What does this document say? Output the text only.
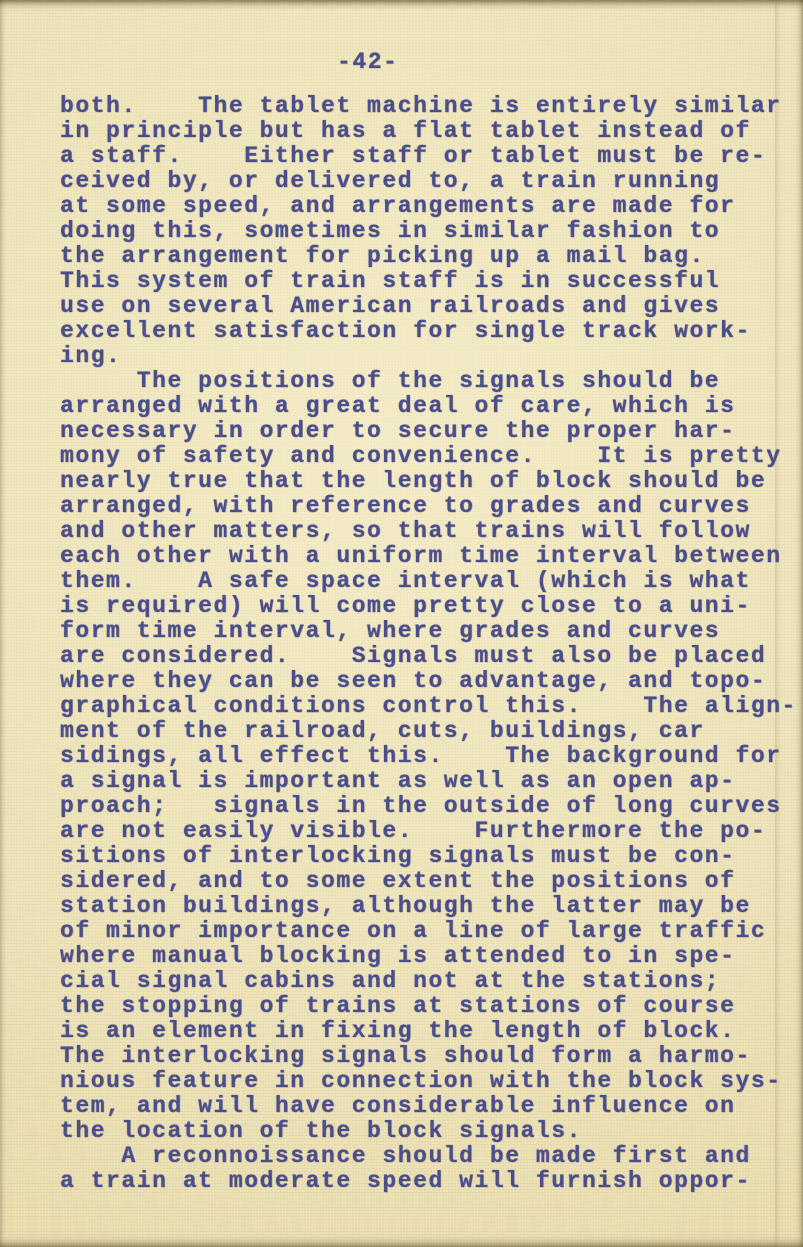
-42-
both.    The tablet machine is entirely similar
in principle but has a flat tablet instead of
a staff.    Either staff or tablet must be re-
ceived by, or delivered to, a train running
at some speed, and arrangements are made for
doing this, sometimes in similar fashion to
the arrangement for picking up a mail bag.
This system of train staff is in successful
use on several American railroads and gives
excellent satisfaction for single track work-
ing.
The positions of the signals should be
arranged with a great deal of care, which is
necessary in order to secure the proper har-
mony of safety and convenience.    It is pretty
nearly true that the length of block should be
arranged, with reference to grades and curves
and other matters, so that trains will follow
each other with a uniform time interval between
them.    A safe space interval (which is what
is required) will come pretty close to a uni-
form time interval, where grades and curves
are considered.    Signals must also be placed
where they can be seen to advantage, and topo-
graphical conditions control this.    The align-
ment of the railroad, cuts, buildings, car
sidings, all effect this.    The background for
a signal is important as well as an open ap-
proach;   signals in the outside of long curves
are not easily visible.    Furthermore the po-
sitions of interlocking signals must be con-
sidered, and to some extent the positions of
station buildings, although the latter may be
of minor importance on a line of large traffic
where manual blocking is attended to in spe-
cial signal cabins and not at the stations;
the stopping of trains at stations of course
is an element in fixing the length of block.
The interlocking signals should form a harmo-
nious feature in connection with the block sys-
tem, and will have considerable influence on
the location of the block signals.
A reconnoissance should be made first and
a train at moderate speed will furnish oppor-
